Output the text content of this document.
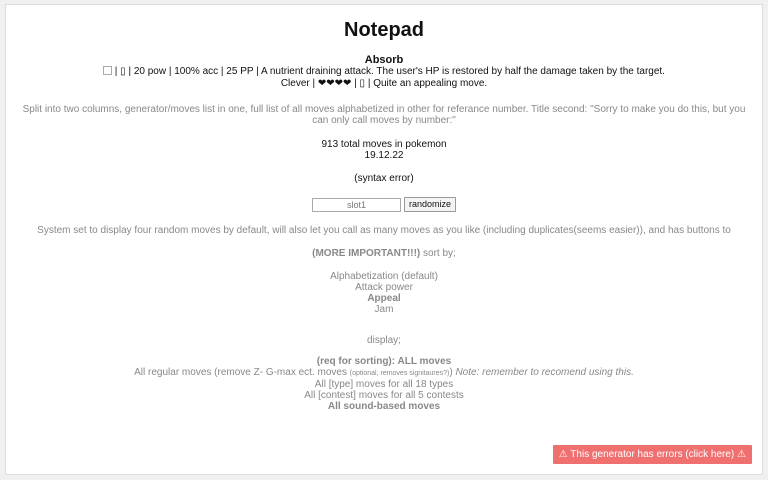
Notepad
Absorb
| ▯ | 20 pow | 100% acc | 25 PP | A nutrient draining attack. The user's HP is restored by half the damage taken by the target.
Clever | ❤❤❤❤ | ▯ | Quite an appealing move.
Split into two columns, generator/moves list in one, full list of all moves alphabetized in other for referance number. Title second: "Sorry to make you do this, but you can only call moves by number:"
913 total moves in pokemon
19.12.22
(syntax error)
slot1
randomize
System set to display four random moves by default, will also let you call as many moves as you like (including duplicates(seems easier)), and has buttons to
(MORE IMPORTANT!!!) sort by;
Alphabetization (default)
Attack power
Appeal
Jam
display;
(req for sorting): ALL moves
All regular moves (remove Z- G-max ect. moves (optional, removes signitaures?)) Note: remember to recomend using this.
All [type] moves for all 18 types
All [contest] moves for all 5 contests
All sound-based moves
⚠ This generator has errors (click here) ⚠
